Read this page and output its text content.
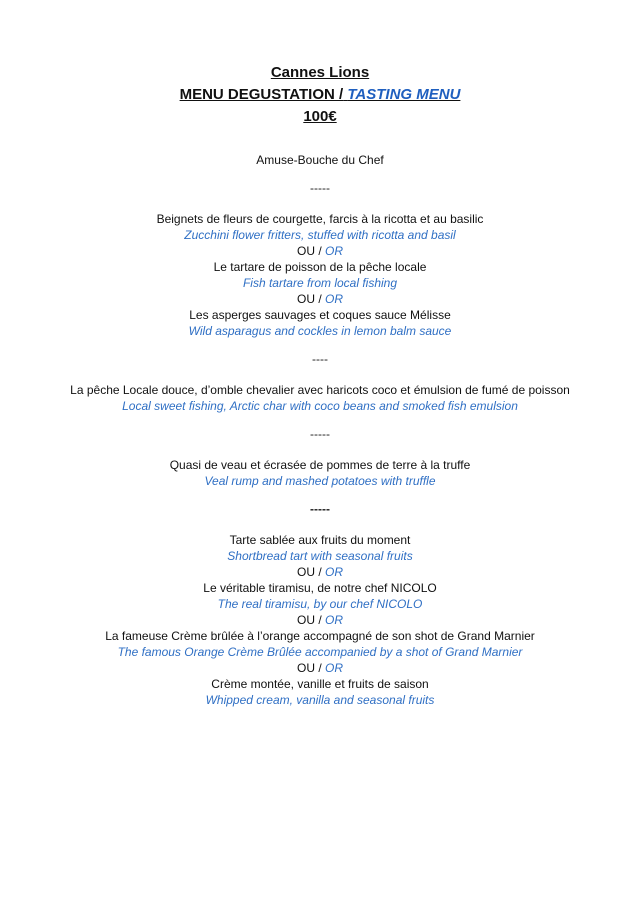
Cannes Lions
MENU DEGUSTATION / TASTING MENU
100€
Amuse-Bouche du Chef
-----
Beignets de fleurs de courgette, farcis à la ricotta et au basilic
Zucchini flower fritters, stuffed with ricotta and basil
OU / OR
Le tartare de poisson de la pêche locale
Fish tartare from local fishing
OU / OR
Les asperges sauvages et coques sauce Mélisse
Wild asparagus and cockles in lemon balm sauce
----
La pêche Locale douce, d’omble chevalier avec haricots coco et émulsion de fumé de poisson
Local sweet fishing, Arctic char with coco beans and smoked fish emulsion
-----
Quasi de veau et écrasée de pommes de terre à la truffe
Veal rump and mashed potatoes with truffle
-----
Tarte sablée aux fruits du moment
Shortbread tart with seasonal fruits
OU / OR
Le véritable tiramisu, de notre chef NICOLO
The real tiramisu, by our chef NICOLO
OU / OR
La fameuse Crème brûlée à l’orange accompagné de son shot de Grand Marnier
The famous Orange Crème Brûlée accompanied by a shot of Grand Marnier
OU / OR
Crème montée, vanille et fruits de saison
Whipped cream, vanilla and seasonal fruits
